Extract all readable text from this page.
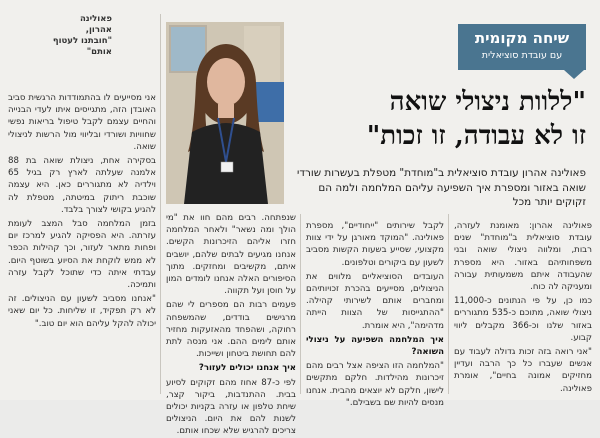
אני מסייעים לו בהתמודדות הרגשית סביב האובדן הזה, מתגייסים איתו לעדי הבנייה והחיים עצמם לקבל טיפול בריאות נפשי שחוויות ושורדי ובליווי מול הרשות לניצולי שואה.

בסקירה אחת, ניצולת שואה בת 88 אלמנה שעלתה לארץ רק בגיל 65 וילדיה לא מתגוררים כאן. היא עצמה שוכבת ריתוק במיטתה, מטפלת לה להגיע בקושי לצורך בלבד.

בזמן המלחמה סבל המצב לעומת עזרתה. היא הפסיקה להגיע למרכז יום ופחות מתאר לעזור, וכך קהילות הכפר לא ממש לוקחת את הסיוע בשוטף היום. עבדתי איתה כדי שתוכל לקבל עזרה ותמיכה.

"אנחנו מסביב לשעון עם הניצולים. זה לא רק תפקיד, זו שליחות. כל יום שאני יכולה להקל עליהם הוא יום טוב."

פאולינה אהרון, "חובתנו לעטוף אותם"

שנפתחה. רבים מהם חוו את "מי הולך ומה נשאר" ולאחר המלחמה חזרו אליהם הזיכרונות הקשים. אנחנו מגיעים לבתים שלהם, יושבים איתם, מקשיבים ומחזקים. מתוך הסיפורים האלה אנחנו לומדים המון על חוסן ועל תקווה.

פעמים רבות הם מספרים לי שהם מרגישים בודדים, שהמשפחה רחוקה, ושהפחד מהאזעקות מחזיר אותם לימים ההם. אני מנסה לתת להם תחושת ביטחון ושייכות.

איך אנחנו יכולים לעזור?

לפי כ-87 אחוז מהם זקוקים לסיוע בבית. ההתנדבות, ביקור קצר, שיחת טלפון או עזרה בקניות יכולים לשנות להם את היום. הניצולים צריכים להרגיש שלא שכחו אותם.

שיחה מקומית
עם עובדת סוציאלית
"ללוות ניצולי שואה
זו לא עבודה, זו זכות"
פאולינה אהרון עובדת סוציאלית ב"מוחדת" מטפלת בעשרות שורדי שואה באזור ומספרת איך השפיעה עליהם המלחמה ולמה הם זקוקים יותר מכל

לקבל שירותים "ייחודיים", מספרת פאולינה. "המוקד מאורגן על ידי צוות מקצועי, שסייע בשעות הקשות מסביב לשעון עם ביקורים וטלפונים.

העובדים הסוציאליים מלווים את הניצולים, מסייעים בהכרת זכויותיהם ומחברים אותם לשירותי קהילה. "ההתגייסות של הצוות הייתה מדהימה", היא אומרת.

איך המלחמה השפיעה על ניצולי השואה?

"המלחמה הזו הציפה אצל רבים מהם זיכרונות מהילדות. חלקם מתקשים לישון, חלקם לא יוצאים מהבית. אנחנו מנסים להיות שם בשבילם."

פאולינה אהרון: מאומנת לעזרה, עובדת סוציאלית ב"מוחדת" שנים רבות, ומלווה ניצולי שואה ובני משפחותיהם באזור. היא מספרת שהעבודה איתם משמעותית עבורה ומעניקה לה כוח.

כמו כן, על פי הנתונים כ-11,000 ניצולי שואה, מתוכם כ-535 מתגוררים באזור שלנו וכ-366 מקבלים ליווי קבוע.

"אני רואה בזה זכות גדולה לעבוד עם אנשים שעברו כל כך הרבה ועדיין מחזיקים אמונה בחיים", אומרת פאולינה.
